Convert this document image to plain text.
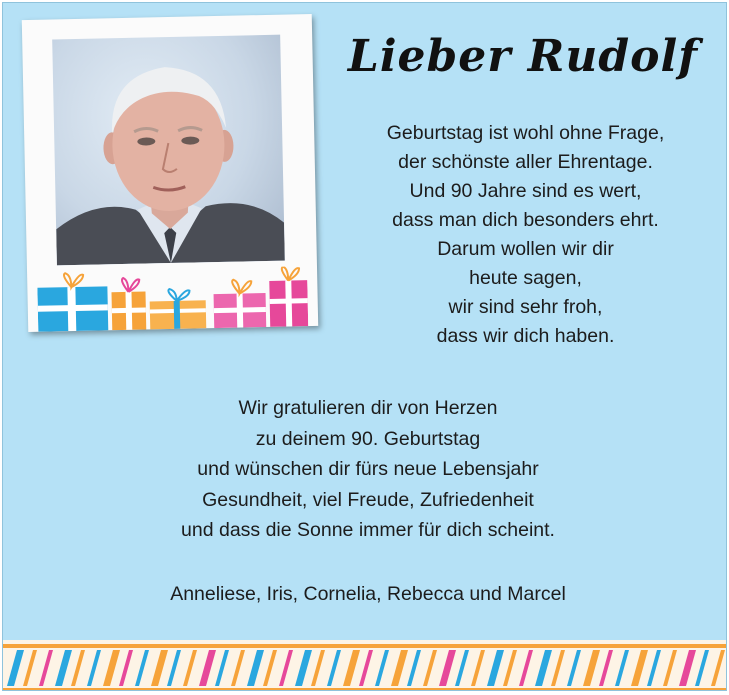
Lieber Rudolf
Geburtstag ist wohl ohne Frage,
der schönste aller Ehrentage.
Und 90 Jahre sind es wert,
dass man dich besonders ehrt.
Darum wollen wir dir
heute sagen,
wir sind sehr froh,
dass wir dich haben.
Wir gratulieren dir von Herzen
zu deinem 90. Geburtstag
und wünschen dir fürs neue Lebensjahr
Gesundheit, viel Freude, Zufriedenheit
und dass die Sonne immer für dich scheint.
Anneliese, Iris, Cornelia, Rebecca und Marcel
